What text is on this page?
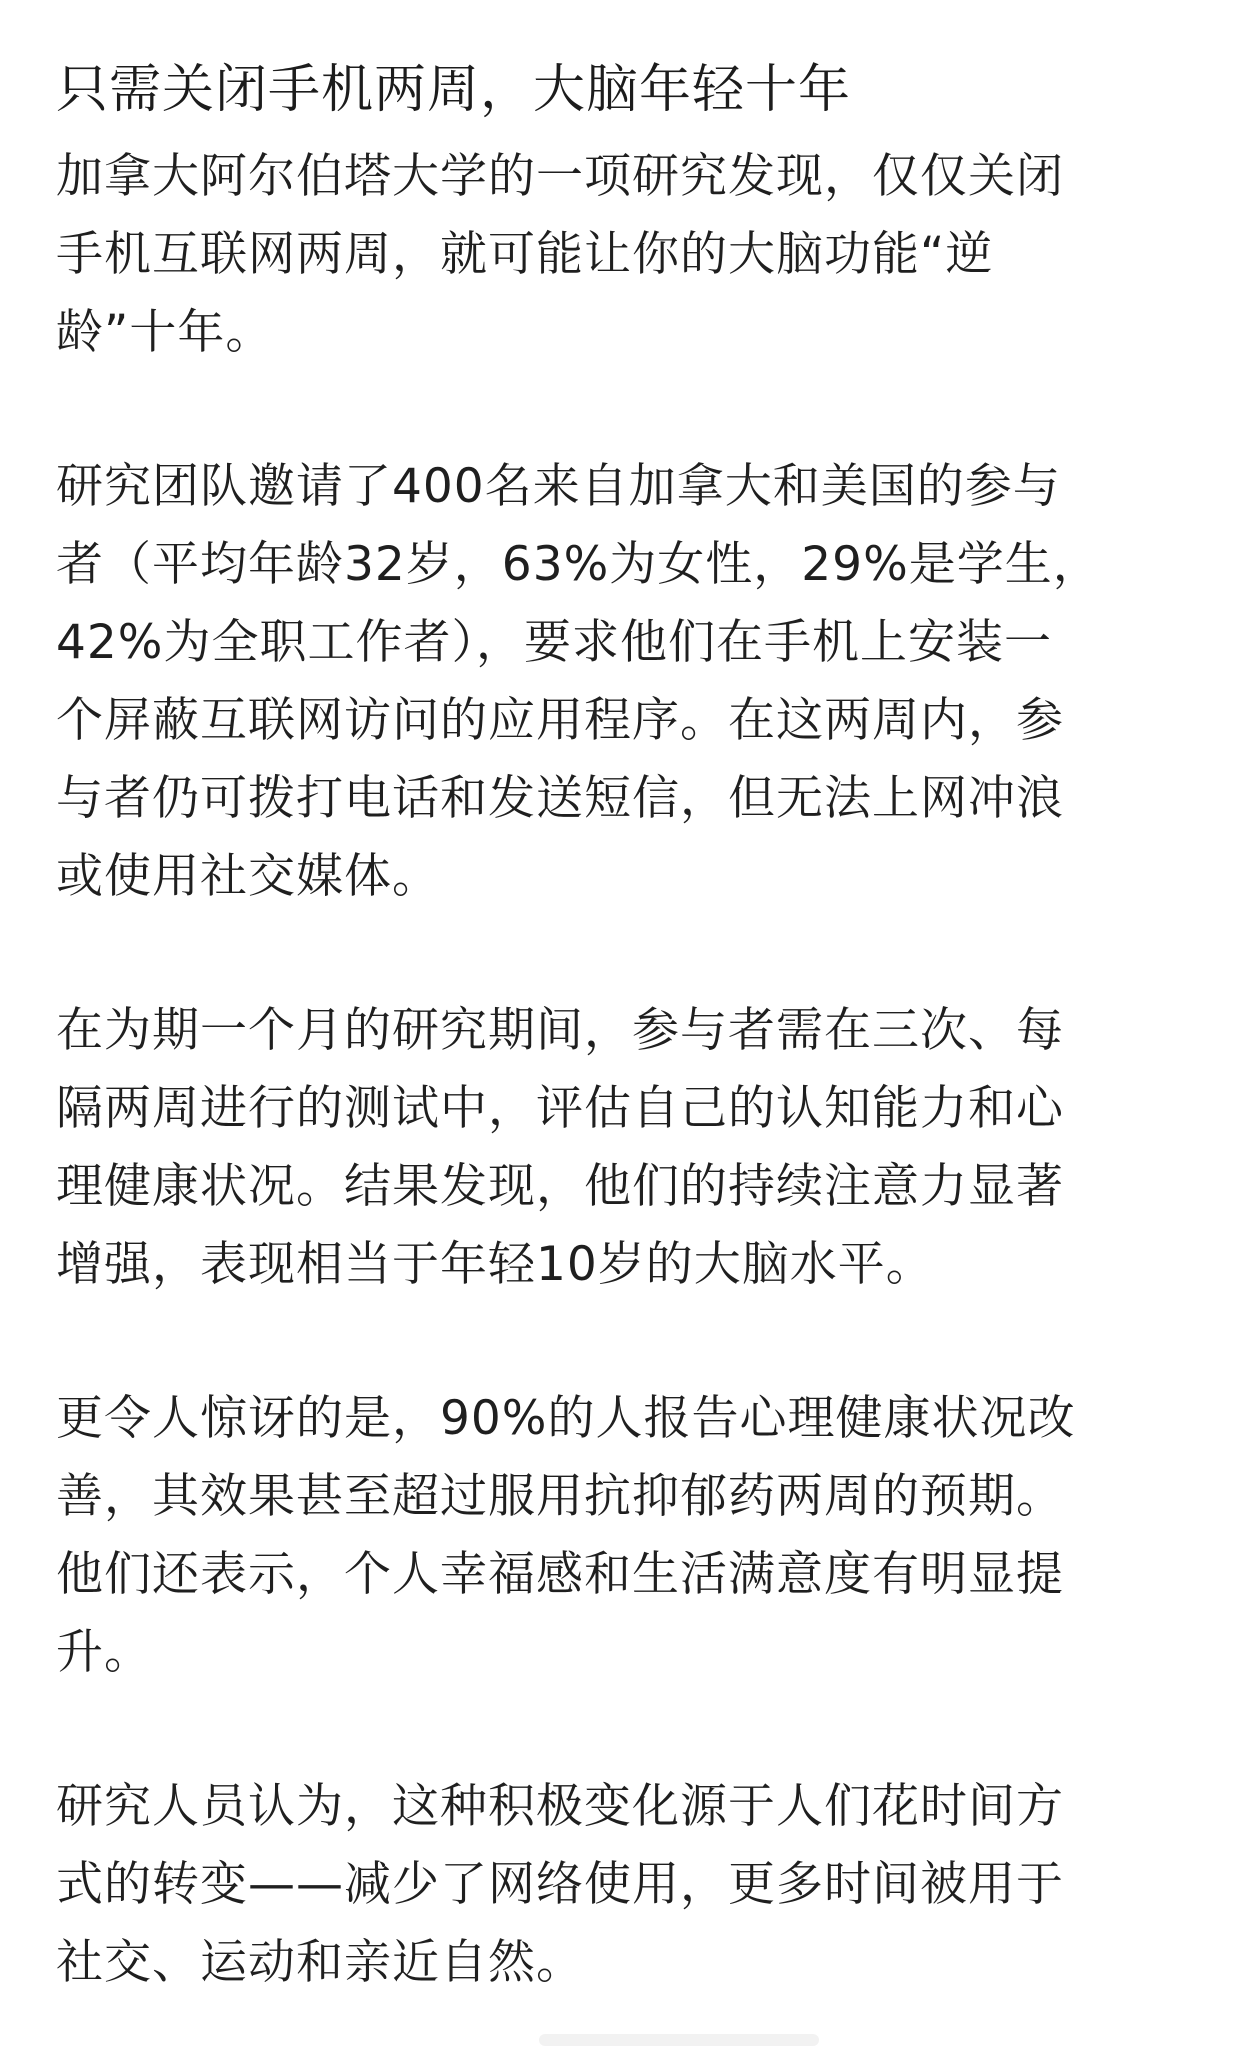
只需关闭手机两周，大脑年轻十年
加拿大阿尔伯塔大学的一项研究发现，仅仅关闭
手机互联网两周，就可能让你的大脑功能“逆
龄”十年。
研究团队邀请了400名来自加拿大和美国的参与
者（平均年龄32岁，63%为女性，29%是学生，
42%为全职工作者），要求他们在手机上安装一
个屏蔽互联网访问的应用程序。在这两周内，参
与者仍可拨打电话和发送短信，但无法上网冲浪
或使用社交媒体。
在为期一个月的研究期间，参与者需在三次、每
隔两周进行的测试中，评估自己的认知能力和心
理健康状况。结果发现，他们的持续注意力显著
增强，表现相当于年轻10岁的大脑水平。
更令人惊讶的是，90%的人报告心理健康状况改
善，其效果甚至超过服用抗抑郁药两周的预期。
他们还表示，个人幸福感和生活满意度有明显提
升。
研究人员认为，这种积极变化源于人们花时间方
式的转变——减少了网络使用，更多时间被用于
社交、运动和亲近自然。
